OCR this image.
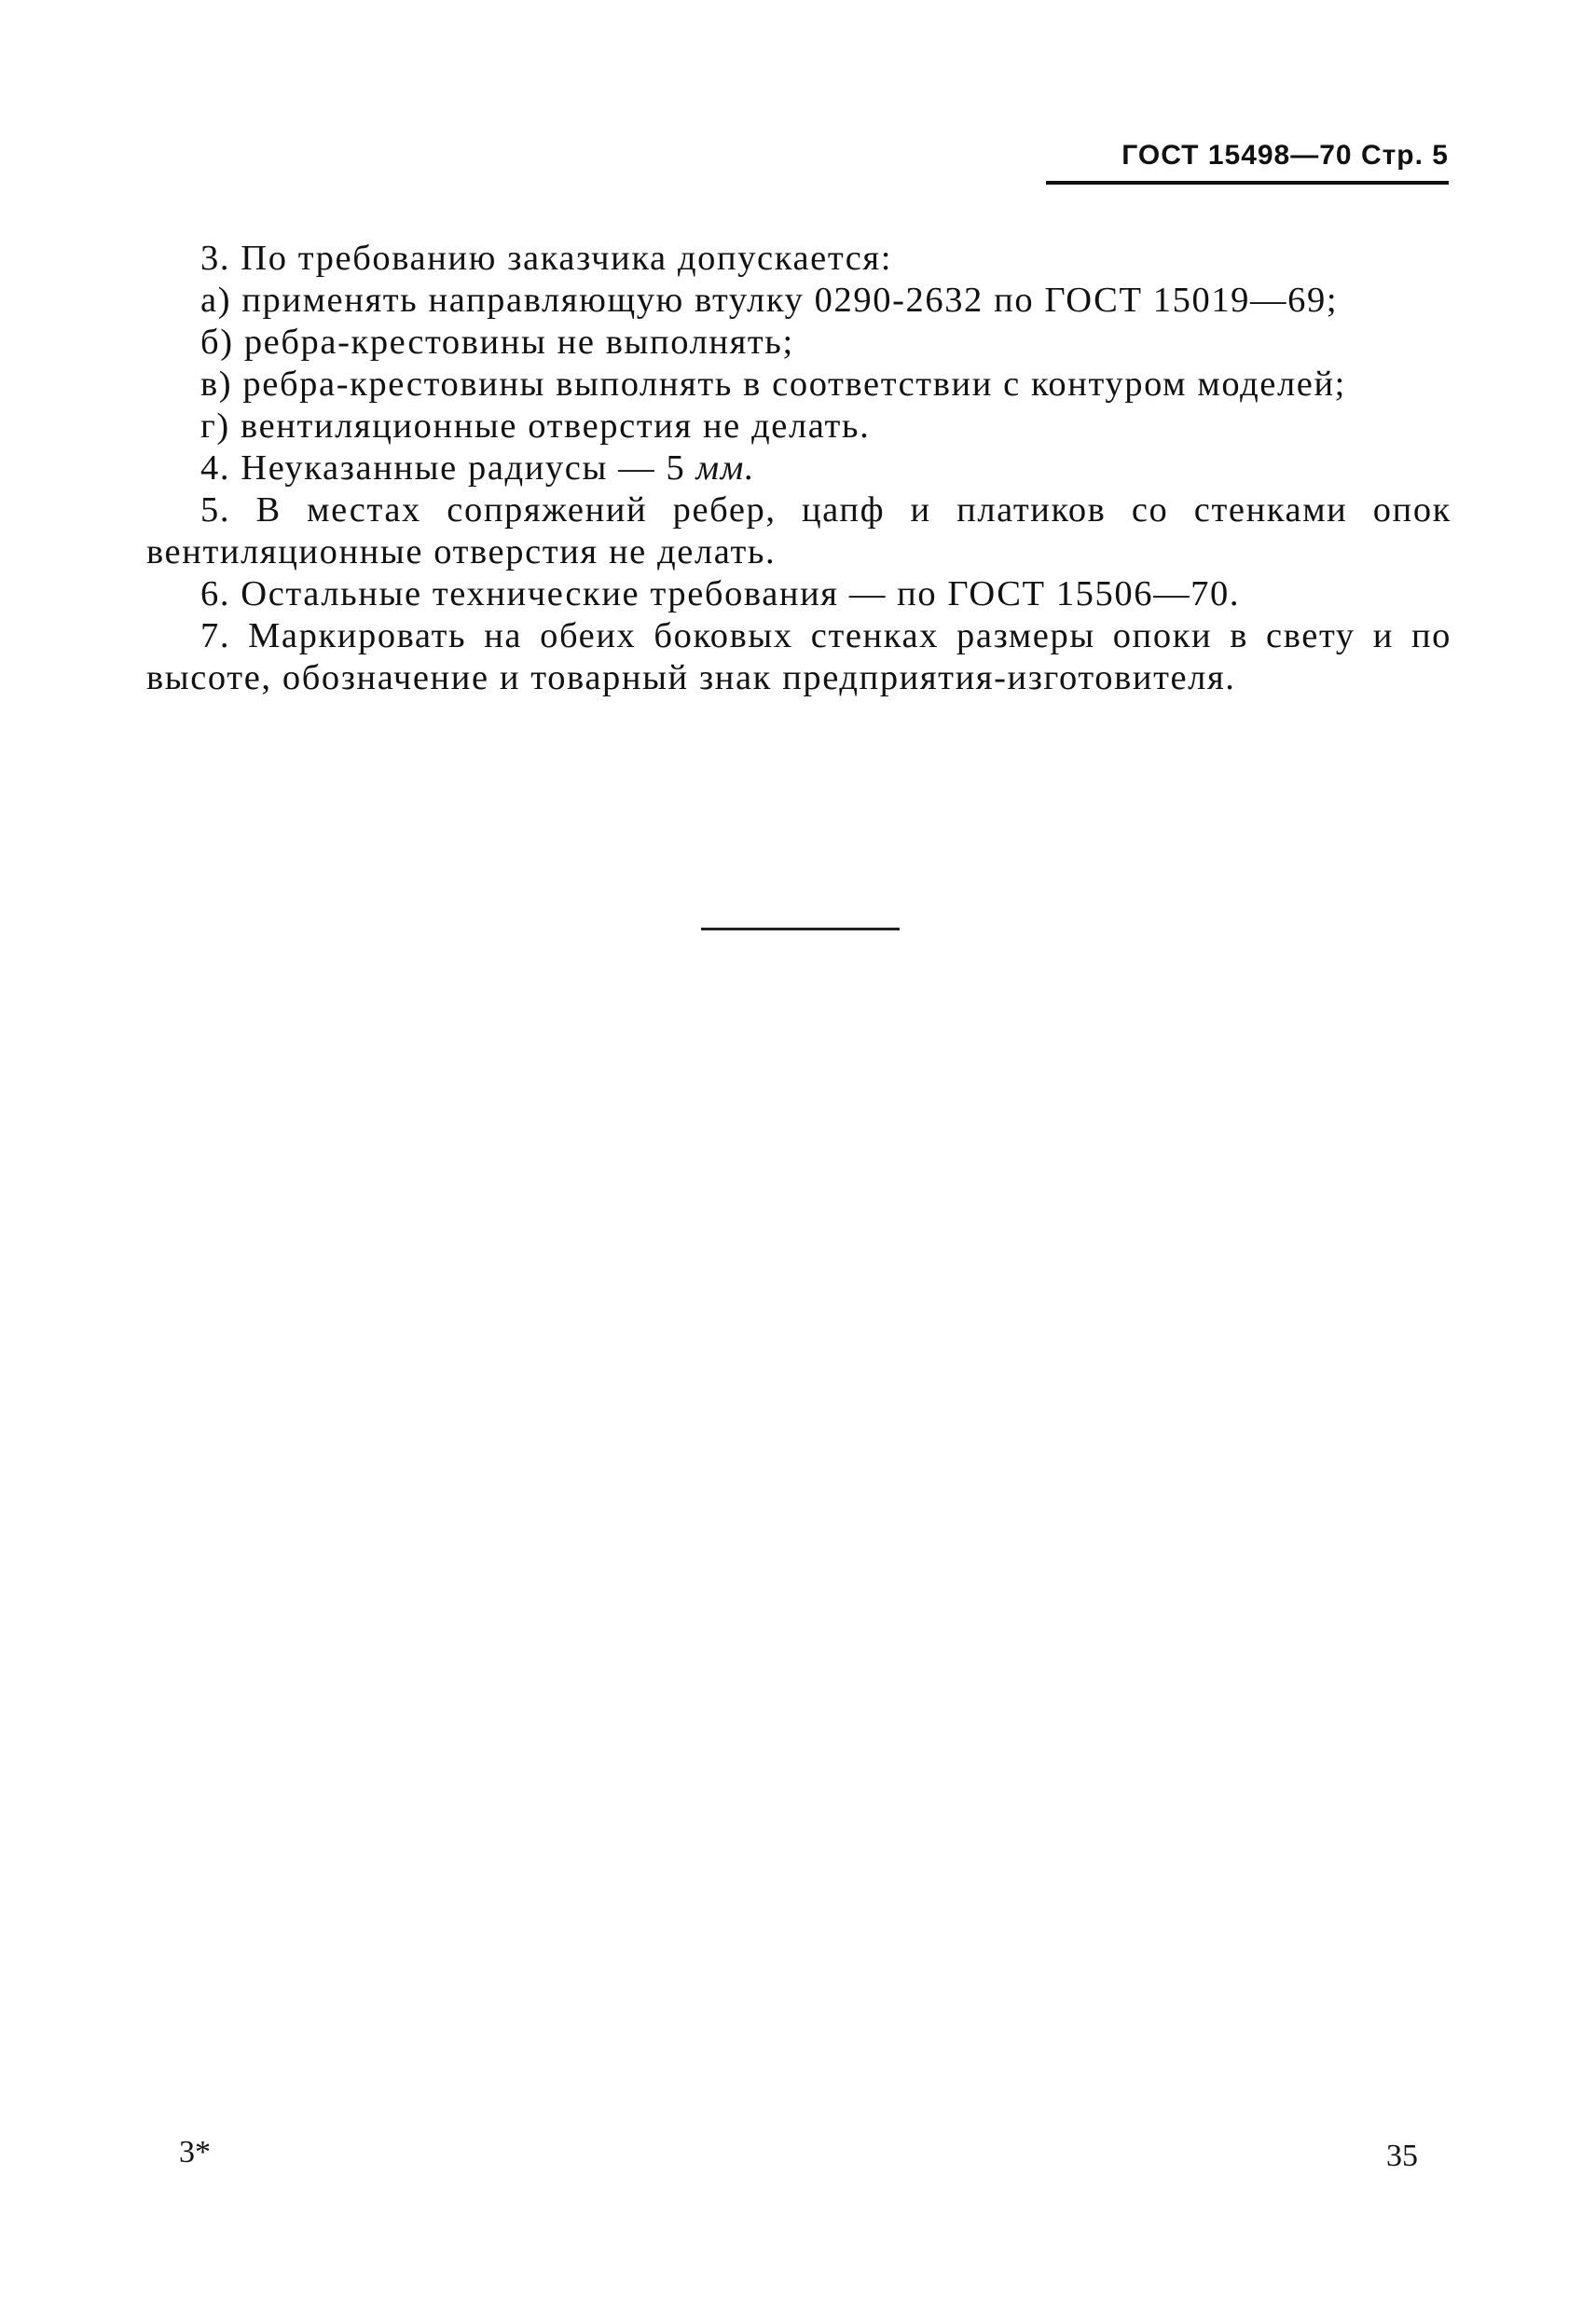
ГОСТ 15498—70 Стр. 5

3. По требованию заказчика допускается:

а) применять направляющую втулку 0290-2632 по ГОСТ 15019—69;

б) ребра-крестовины не выполнять;

в) ребра-крестовины выполнять в соответствии с контуром моделей;

г) вентиляционные отверстия не делать.

4. Неуказанные радиусы — 5 мм.

5. В местах сопряжений ребер, цапф и платиков со стенками опок вентиляционные отверстия не делать.

6. Остальные технические требования — по ГОСТ 15506—70.

7. Маркировать на обеих боковых стенках размеры опоки в свету и по высоте, обозначение и товарный знак предприятия-изготовителя.

3*	35
